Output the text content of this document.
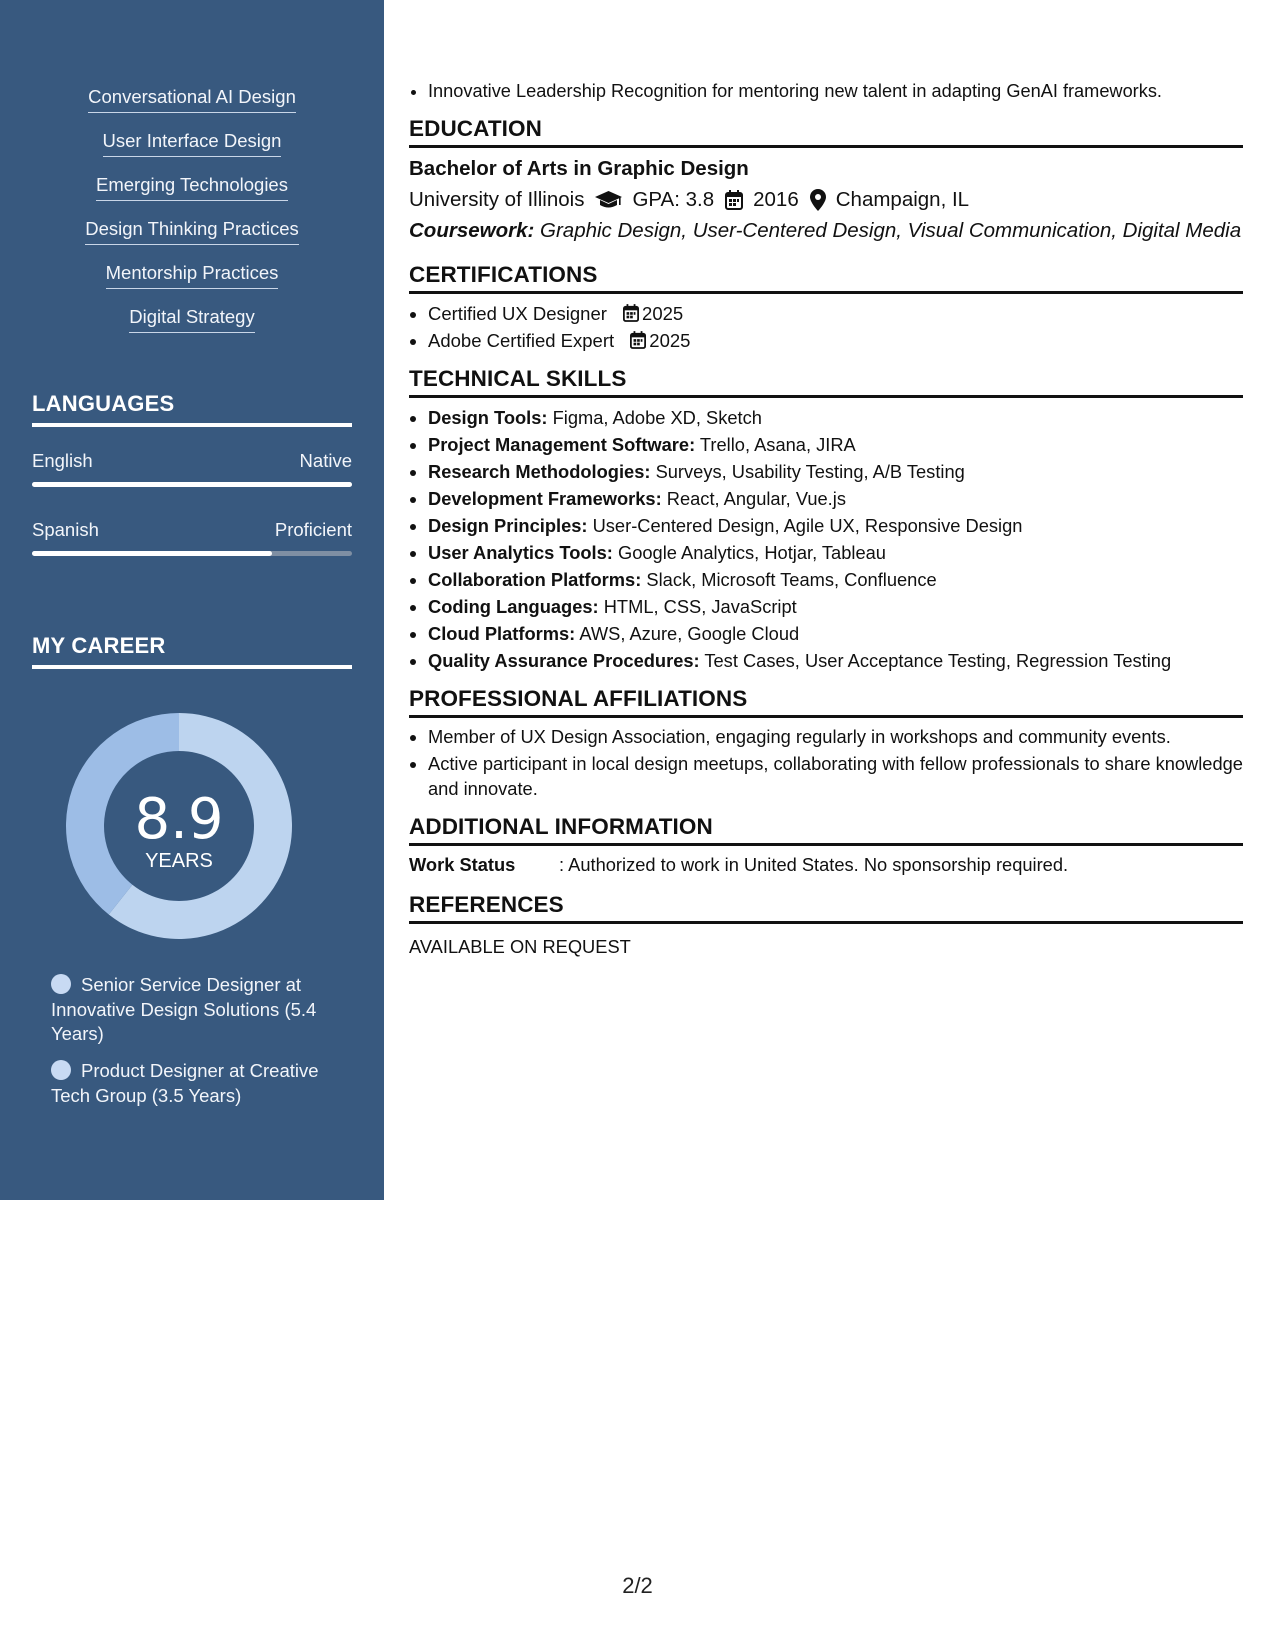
Conversational AI Design
User Interface Design
Emerging Technologies
Design Thinking Practices
Mentorship Practices
Digital Strategy
LANGUAGES
English	Native
Spanish	Proficient
MY CAREER
8.9
YEARS
Senior Service Designer at Innovative Design Solutions (5.4 Years)
Product Designer at Creative Tech Group (3.5 Years)
• Innovative Leadership Recognition for mentoring new talent in adapting GenAI frameworks.
EDUCATION
Bachelor of Arts in Graphic Design
University of Illinois GPA: 3.8 2016 Champaign, IL
Coursework: Graphic Design, User-Centered Design, Visual Communication, Digital Media
CERTIFICATIONS
• Certified UX Designer 2025
• Adobe Certified Expert 2025
TECHNICAL SKILLS
• Design Tools: Figma, Adobe XD, Sketch
• Project Management Software: Trello, Asana, JIRA
• Research Methodologies: Surveys, Usability Testing, A/B Testing
• Development Frameworks: React, Angular, Vue.js
• Design Principles: User-Centered Design, Agile UX, Responsive Design
• User Analytics Tools: Google Analytics, Hotjar, Tableau
• Collaboration Platforms: Slack, Microsoft Teams, Confluence
• Coding Languages: HTML, CSS, JavaScript
• Cloud Platforms: AWS, Azure, Google Cloud
• Quality Assurance Procedures: Test Cases, User Acceptance Testing, Regression Testing
PROFESSIONAL AFFILIATIONS
• Member of UX Design Association, engaging regularly in workshops and community events.
• Active participant in local design meetups, collaborating with fellow professionals to share knowledge and innovate.
ADDITIONAL INFORMATION
Work Status	: Authorized to work in United States. No sponsorship required.
REFERENCES
AVAILABLE ON REQUEST
2/2
